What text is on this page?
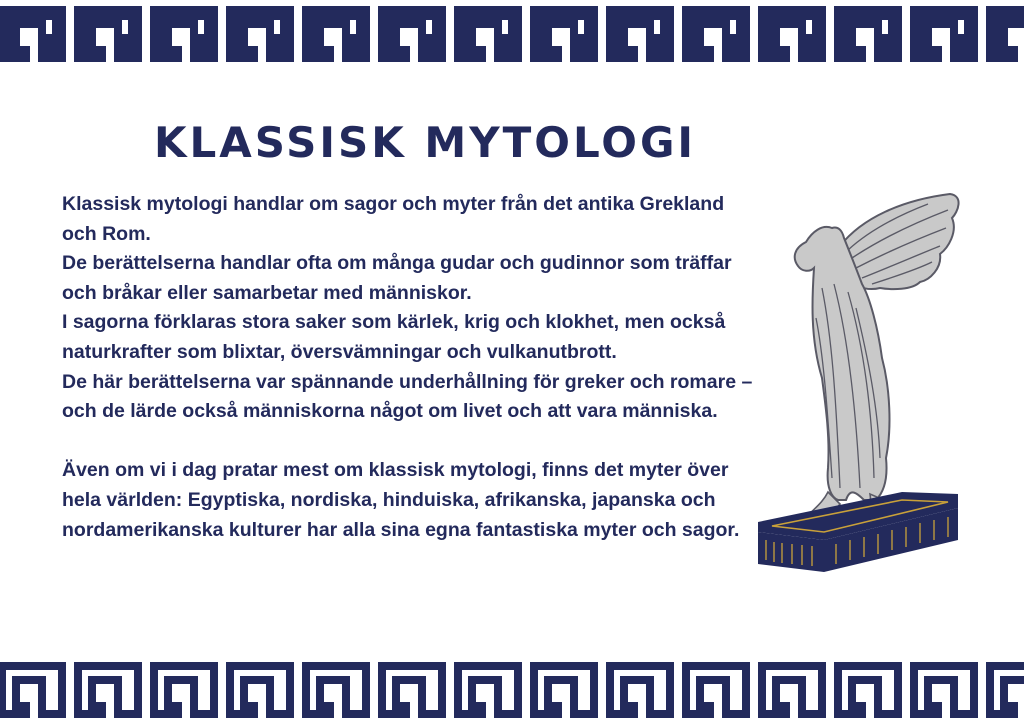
KLASSISK MYTOLOGI

Klassisk mytologi handlar om sagor och myter från det antika Grekland och Rom.

De berättelserna handlar ofta om många gudar och gudinnor som träffar och bråkar eller samarbetar med människor.

I sagorna förklaras stora saker som kärlek, krig och klokhet, men också naturkrafter som blixtar, översvämningar och vulkanutbrott.

De här berättelserna var spännande underhållning för greker och romare – och de lärde också människorna något om livet och att vara människa.

Även om vi i dag pratar mest om klassisk mytologi, finns det myter över hela världen: Egyptiska, nordiska, hinduiska, afrikanska, japanska och nordamerikanska kulturer har alla sina egna fantastiska myter och sagor.
